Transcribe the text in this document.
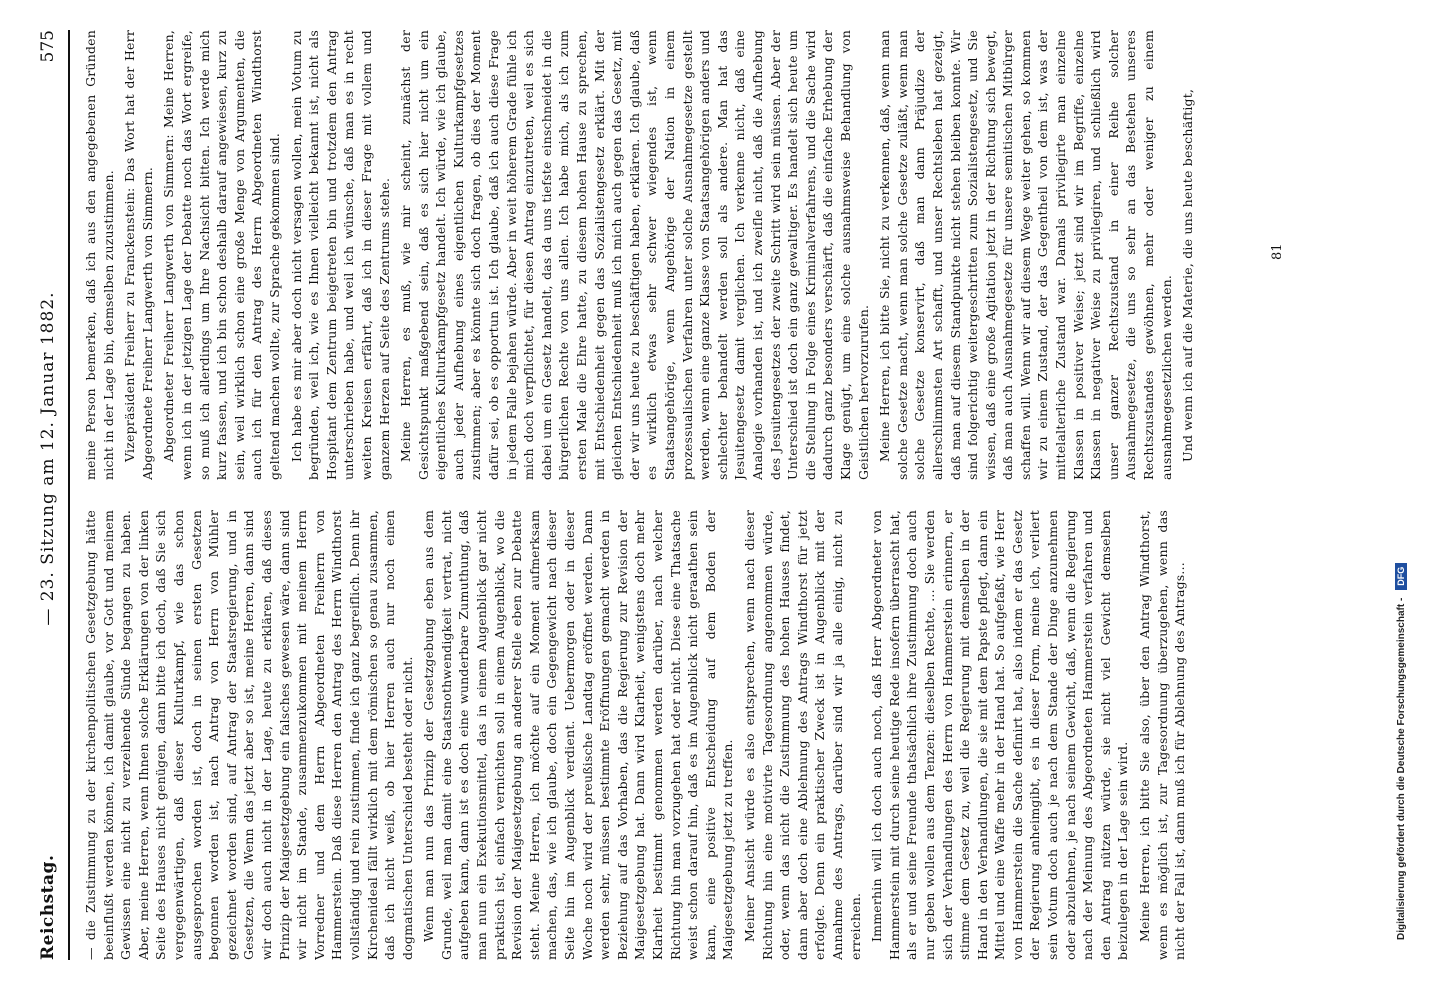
Reichstag.
— 23. Sitzung am 12. Januar 1882.
575

— die Zustimmung zu der kirchenpolitischen Gesetzgebung hätte beeinflußt werden können, ich damit glaube, vor Gott und meinem Gewissen eine nicht zu verzeihende Sünde begangen zu haben. Aber, meine Herren, wenn Ihnen solche Erklärungen von der linken Seite des Hauses nicht genügen, dann bitte ich doch, daß Sie sich vergegenwärtigen, daß dieser Kulturkampf, wie das schon ausgesprochen worden ist, doch in seinen ersten Gesetzen begonnen worden ist, nach Antrag von Herrn von Mühler gezeichnet worden sind, auf Antrag der Staatsregierung, und in Gesetzen, die Wenn das jetzt aber so ist, meine Herren, dann sind wir doch auch nicht in der Lage, heute zu erklären, daß dieses Prinzip der Maigesetzgebung ein falsches gewesen wäre, dann sind wir nicht im Stande, zusammenzukommen mit meinem Herrn Vorredner und dem Herrn Abgeordneten Freiherrn von Hammerstein. Daß diese Herren den Antrag des Herrn Windthorst vollständig und rein zustimmen, finde ich ganz begreiflich. Denn ihr Kirchenideal fällt wirklich mit dem römischen so genau zusammen, daß ich nicht weiß, ob hier Herren auch nur noch einen dogmatischen Unterschied besteht oder nicht. Wenn man nun das Prinzip der Gesetzgebung eben aus dem Grunde, weil man damit eine Staatsnothwendigkeit vertrat, nicht aufgeben kann, dann ist es doch eine wunderbare Zumuthung, daß man nun ein Exekutionsmittel, das in einem Augenblick gar nicht praktisch ist, einfach vernichten soll in einem Augenblick, wo die Revision der Maigesetzgebung an anderer Stelle eben zur Debatte steht. Meine Herren, ich möchte auf ein Moment aufmerksam machen, das, wie ich glaube, doch ein Gegengewicht nach dieser Seite hin im Augenblick verdient. Uebermorgen oder in dieser Woche noch wird der preußische Landtag eröffnet werden. Dann werden sehr, müssen bestimmte Eröffnungen gemacht werden in Beziehung auf das Vorhaben, das die Regierung zur Revision der Maigesetzgebung hat. Dann wird Klarheit, wenigstens doch mehr Klarheit bestimmt genommen werden darüber, nach welcher Richtung hin man vorzugehen hat oder nicht. Diese eine Thatsache weist schon darauf hin, daß es im Augenblick nicht geraathen sein kann, eine positive Entscheidung auf dem Boden der Maigesetzgebung jetzt zu treffen. Meiner Ansicht würde es also entsprechen, wenn nach dieser Richtung hin eine motivirte Tagesordnung angenommen würde, oder, wenn das nicht die Zustimmung des hohen Hauses findet, dann aber doch eine Ablehnung des Antrags Windthorst für jetzt erfolgte. Denn ein praktischer Zweck ist in Augenblick mit der Annahme des Antrags, darüber sind wir ja alle einig, nicht zu erreichen. Immerhin will ich doch auch noch, daß Herr Abgeordneter von Hammerstein mit durch seine heutige Rede insofern überrascht hat, als er und seine Freunde thatsächlich ihre Zustimmung doch auch nur geben wollen aus dem Tenzen: dieselben Rechte, ... Sie werden sich der Verhandlungen des Herrn von Hammerstein erinnern, er stimme dem Gesetz zu, weil die Regierung mit demselben in der Hand in den Verhandlungen, die sie mit dem Papste pflegt, dann ein Mittel und eine Waffe mehr in der Hand hat. So aufgefaßt, wie Herr von Hammerstein die Sache definirt hat, also indem er das Gesetz der Regierung anheimgibt, es in dieser Form, meine ich, verliert sein Votum doch auch je nach dem Stande der Dinge anzunehmen oder abzulehnen, je nach seinem Gewicht, daß, wenn die Regierung nach der Meinung des Abgeordneten Hammerstein verfahren und den Antrag nützen würde, sie nicht viel Gewicht demselben beizulegen in der Lage sein wird. Meine Herren, ich bitte Sie also, über den Antrag Windthorst, wenn es möglich ist, zur Tagesordnung überzugehen, wenn das nicht der Fall ist, dann muß ich für Ablehnung des Antrags...

meine Person bemerken, daß ich aus den angegebenen Gründen nicht in der Lage bin, demselben zuzustimmen. Vizepräsident Freiherr zu Franckenstein: Das Wort hat der Herr Abgeordnete Freiherr Langwerth von Simmern. Abgeordneter Freiherr Langwerth von Simmern: Meine Herren, wenn ich in der jetzigen Lage der Debatte noch das Wort ergreife, so muß ich allerdings um Ihre Nachsicht bitten. Ich werde mich kurz fassen, und ich bin schon deshalb darauf angewiesen, kurz zu sein, weil wirklich schon eine große Menge von Argumenten, die auch ich für den Antrag des Herrn Abgeordneten Windthorst geltend machen wollte, zur Sprache gekommen sind. Ich habe es mir aber doch nicht versagen wollen, mein Votum zu begründen, weil ich, wie es Ihnen vielleicht bekannt ist, nicht als Hospitant dem Zentrum beigetreten bin und trotzdem den Antrag unterschrieben habe, und weil ich wünsche, daß man es in recht weiten Kreisen erfährt, daß ich in dieser Frage mit vollem und ganzem Herzen auf Seite des Zentrums stehe. Meine Herren, es muß, wie mir scheint, zunächst der Gesichtspunkt maßgebend sein, daß es sich hier nicht um ein eigentliches Kulturkampfgesetz handelt. Ich würde, wie ich glaube, auch jeder Aufhebung eines eigentlichen Kulturkampfgesetzes zustimmen; aber es könnte sich doch fragen, ob dies der Moment dafür sei, ob es opportun ist. Ich glaube, daß ich auch diese Frage in jedem Falle bejahen würde. Aber in weit höherem Grade fühle ich mich doch verpflichtet, für diesen Antrag einzutreten, weil es sich dabei um ein Gesetz handelt, das da uns tiefste einschneidet in die bürgerlichen Rechte von uns allen. Ich habe mich, als ich zum ersten Male die Ehre hatte, zu diesem hohen Hause zu sprechen, mit Entschiedenheit gegen das Sozialistengesetz erklärt. Mit der gleichen Entschiedenheit muß ich mich auch gegen das Gesetz, mit der wir uns heute zu beschäftigen haben, erklären. Ich glaube, daß es wirklich etwas sehr schwer wiegendes ist, wenn Staatsangehörige, wenn Angehörige der Nation in einem prozessualischen Verfahren unter solche Ausnahmegesetze gestellt werden, wenn eine ganze Klasse von Staatsangehörigen anders und schlechter behandelt werden soll als andere. Man hat das Jesuitengesetz damit verglichen. Ich verkenne nicht, daß eine Analogie vorhanden ist, und ich zweifle nicht, daß die Aufhebung des Jesuitengesetzes der zweite Schritt wird sein müssen. Aber der Unterschied ist doch ein ganz gewaltiger. Es handelt sich heute um die Stellung in Folge eines Kriminalverfahrens, und die Sache wird dadurch ganz besonders verschärft, daß die einfache Erhebung der Klage genügt, um eine solche ausnahmsweise Behandlung von Geistlichen hervorzurufen. Meine Herren, ich bitte Sie, nicht zu verkennen, daß, wenn man solche Gesetze macht, wenn man solche Gesetze zuläßt, wenn man solche Gesetze konservirt, daß man dann Präjudize der allerschlimmsten Art schafft, und unser Rechtsleben hat gezeigt, daß man auf diesem Standpunkte nicht stehen bleiben konnte. Wir sind folgerichtig weitergeschritten zum Sozialistengesetz, und Sie wissen, daß eine große Agitation jetzt in der Richtung sich bewegt, daß man auch Ausnahmegesetze für unsere semitischen Mitbürger schaffen will. Wenn wir auf diesem Wege weiter gehen, so kommen wir zu einem Zustand, der das Gegentheil von dem ist, was der mittelalterliche Zustand war. Damals privilegirte man einzelne Klassen in positiver Weise; jetzt sind wir im Begriffe, einzelne Klassen in negativer Weise zu privilegiren, und schließlich wird unser ganzer Rechtszustand in einer Reihe solcher Ausnahmegesetze, die uns so sehr an das Bestehen unseres Rechtszustandes gewöhnen, mehr oder weniger zu einem ausnahmegesetzlichen werden. Und wenn ich auf die Materie, die uns heute beschäftigt,	81
Digitalisierung gefördert durch die Deutsche Forschungsgemeinschaft -
DFG
